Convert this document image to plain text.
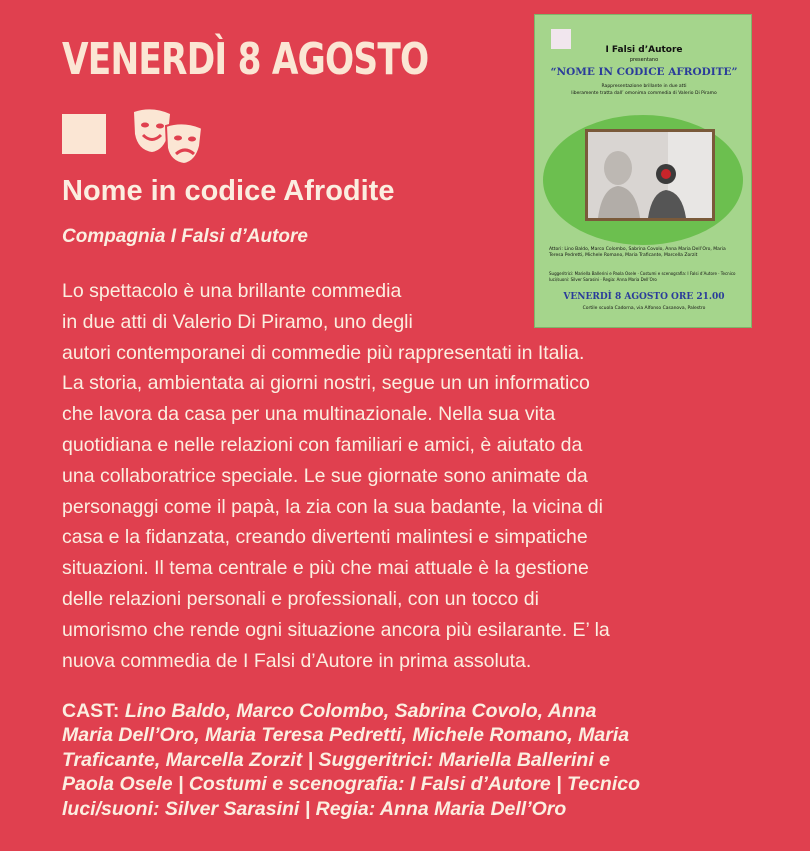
VENERDÌ 8 AGOSTO
Nome in codice Afrodite
Compagnia I Falsi d’Autore
Lo spettacolo è una brillante commedia
in due atti di Valerio Di Piramo, uno degli
autori contemporanei di commedie più rappresentati in Italia.
La storia, ambientata ai giorni nostri, segue un un informatico
che lavora da casa per una multinazionale. Nella sua vita
quotidiana e nelle relazioni con familiari e amici, è aiutato da
una collaboratrice speciale. Le sue giornate sono animate da
personaggi come il papà, la zia con la sua badante, la vicina di
casa e la fidanzata, creando divertenti malintesi e simpatiche
situazioni. Il tema centrale e più che mai attuale è la gestione
delle relazioni personali e professionali, con un tocco di
umorismo che rende ogni situazione ancora più esilarante. E’ la
nuova commedia de I Falsi d’Autore in prima assoluta.
CAST: Lino Baldo, Marco Colombo, Sabrina Covolo, Anna
Maria Dell’Oro, Maria Teresa Pedretti, Michele Romano, Maria
Traficante, Marcella Zorzit | Suggeritrici: Mariella Ballerini e
Paola Osele | Costumi e scenografia: I Falsi d’Autore | Tecnico
luci/suoni: Silver Sarasini | Regia: Anna Maria Dell’Oro
I Falsi d’Autore
presentano
“NOME IN CODICE AFRODITE”
Rappresentazione brillante in due atti
liberamente tratta dall’ omonima commedia di Valerio Di Piramo
Attori: Lino Baldo, Marco Colombo, Sabrina Covolo, Anna Maria Dell’Oro, Maria Teresa Pedretti, Michele Romano, Maria Traficante, Marcella Zorzit
Suggeritrici: Mariella Ballerini e Paola Osele · Costumi e scenografia: I Falsi d’Autore · Tecnico luci/suoni: Silver Sarasini · Regia: Anna Maria Dell’Oro
VENERDÌ 8 AGOSTO ORE 21.00
Cortile scuola Cadorna, via Alfonso Casanova, Palestro
